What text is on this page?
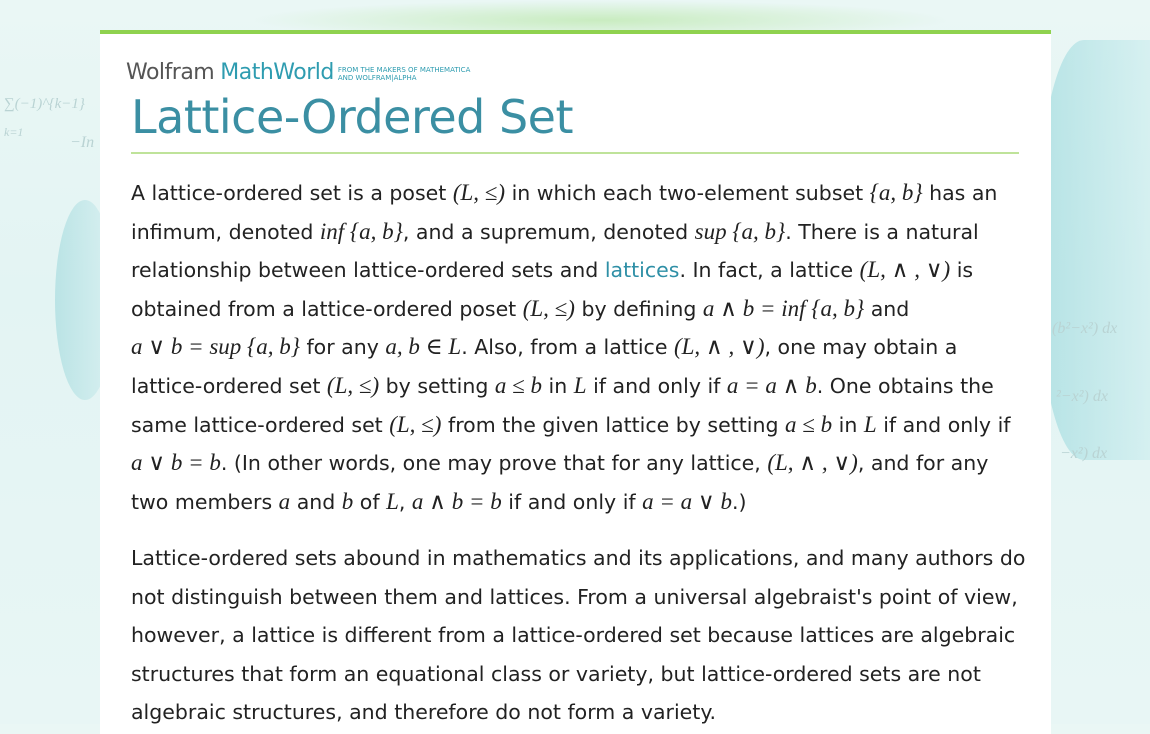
∑(−1)^{k−1}
k=1
−In
(b²−x²) dx
²−x²) dx
−x²) dx
Wolfram MathWorld FROM THE MAKERS OF MATHEMATICA
AND WOLFRAM|ALPHA
Lattice-Ordered Set
A lattice-ordered set is a poset (L, ≤) in which each two-element subset {a, b} has an
infimum, denoted inf {a, b}, and a supremum, denoted sup {a, b}. There is a natural
relationship between lattice-ordered sets and lattices. In fact, a lattice (L, ∧ , ∨) is
obtained from a lattice-ordered poset (L, ≤) by defining a ∧ b = inf {a, b} and
a ∨ b = sup {a, b} for any a, b ∈ L. Also, from a lattice (L, ∧ , ∨), one may obtain a
lattice-ordered set (L, ≤) by setting a ≤ b in L if and only if a = a ∧ b. One obtains the
same lattice-ordered set (L, ≤) from the given lattice by setting a ≤ b in L if and only if
a ∨ b = b. (In other words, one may prove that for any lattice, (L, ∧ , ∨), and for any
two members a and b of L, a ∧ b = b if and only if a = a ∨ b.)
Lattice-ordered sets abound in mathematics and its applications, and many authors do
not distinguish between them and lattices. From a universal algebraist's point of view,
however, a lattice is different from a lattice-ordered set because lattices are algebraic
structures that form an equational class or variety, but lattice-ordered sets are not
algebraic structures, and therefore do not form a variety.
